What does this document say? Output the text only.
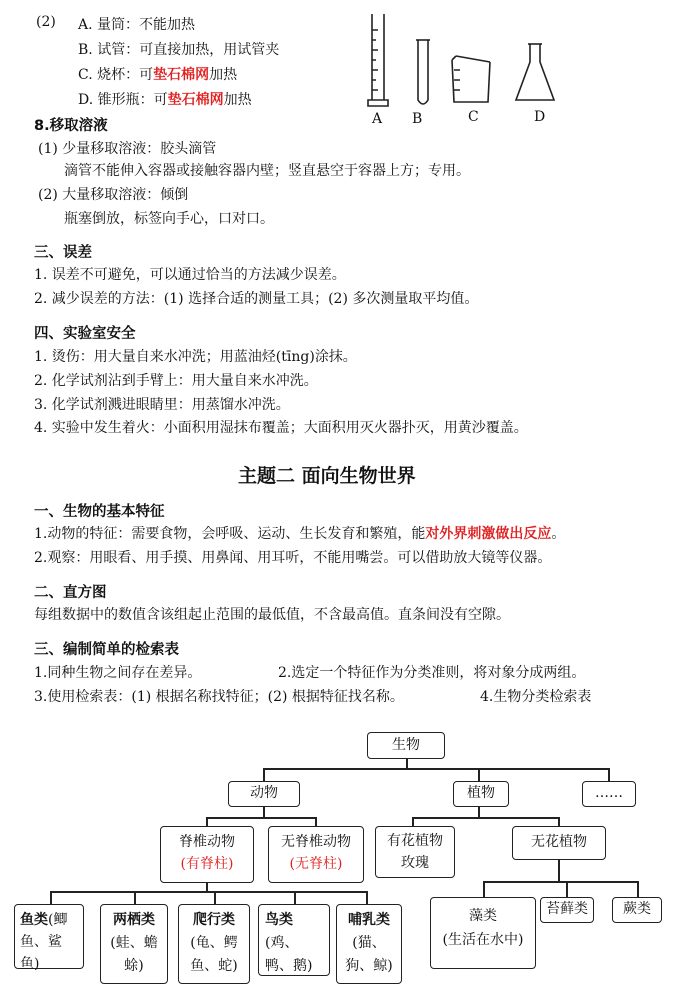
(2) A. 量筒：不能加热
B. 试管：可直接加热，用试管夹
C. 烧杯：可垫石棉网加热
D. 锥形瓶：可垫石棉网加热
A B	C	D
8.移取溶液
(1) 少量移取溶液：胶头滴管
滴管不能伸入容器或接触容器内壁；竖直悬空于容器上方；专用。
(2) 大量移取溶液：倾倒
瓶塞倒放，标签向手心，口对口。
三、误差
1. 误差不可避免，可以通过恰当的方法减少误差。
2. 减少误差的方法：(1) 选择合适的测量工具；(2) 多次测量取平均值。
四、实验室安全
1. 烫伤：用大量自来水冲洗；用蓝油烃(tīng)涂抹。
2. 化学试剂沾到手臂上：用大量自来水冲洗。
3. 化学试剂溅进眼睛里：用蒸馏水冲洗。
4. 实验中发生着火：小面积用湿抹布覆盖；大面积用灭火器扑灭，用黄沙覆盖。
主题二 面向生物世界
一、生物的基本特征
1.动物的特征：需要食物，会呼吸、运动、生长发育和繁殖，能对外界刺激做出反应。
2.观察：用眼看、用手摸、用鼻闻、用耳听，不能用嘴尝。可以借助放大镜等仪器。
二、直方图
每组数据中的数值含该组起止范围的最低值，不含最高值。直条间没有空隙。
三、编制简单的检索表
1.同种生物之间存在差异。	2.选定一个特征作为分类准则，将对象分成两组。
3.使用检索表：(1) 根据名称找特征；(2) 根据特征找名称。	4.生物分类检索表
生物
动物	植物	……
脊椎动物
(有脊柱)
无脊椎动物
(无脊柱)
有花植物
玫瑰
无花植物
鱼类(鲫鱼、鲨鱼)
两栖类
(蛙、蟾蜍)
爬行类
(龟、鳄鱼、蛇)
鸟类(鸡、鸭、鹅)
哺乳类
(猫、狗、鲸)
藻类
(生活在水中)
苔藓类	蕨类
